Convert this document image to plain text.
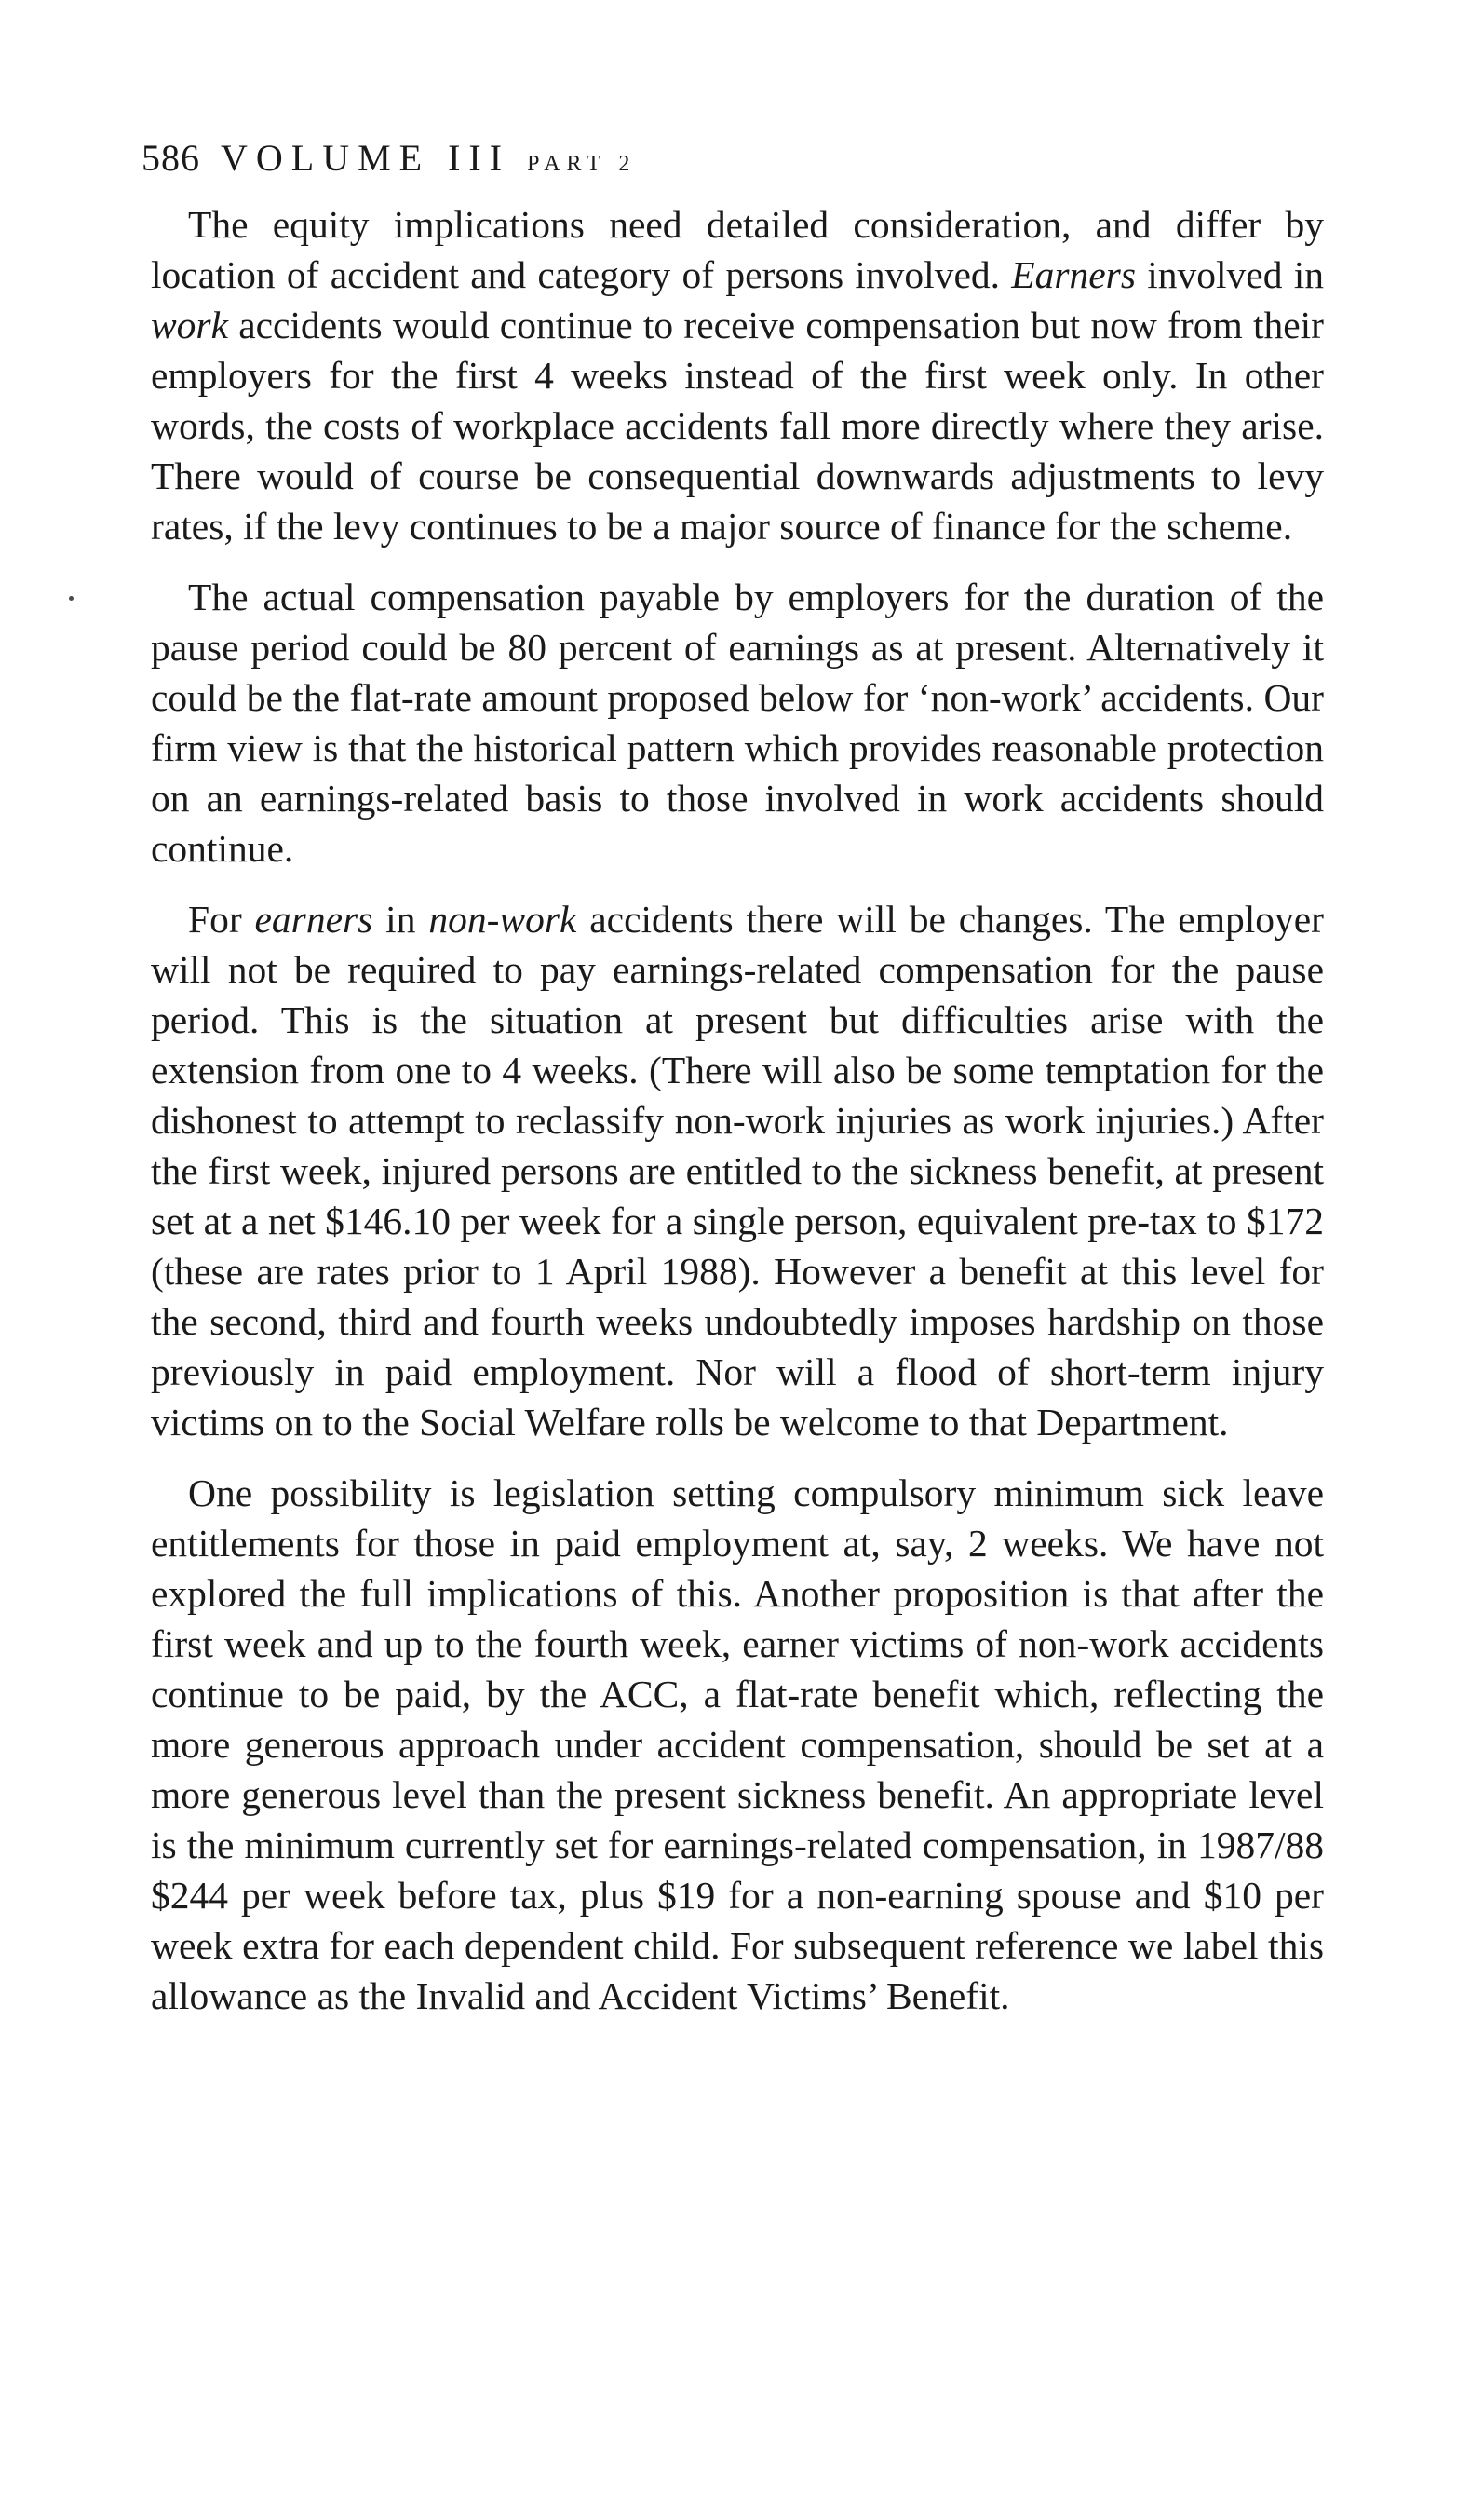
586 VOLUME III PART 2

The equity implications need detailed consideration, and differ by location of accident and category of persons involved. Earners involved in work accidents would continue to receive compensation but now from their employers for the first 4 weeks instead of the first week only. In other words, the costs of workplace accidents fall more directly where they arise. There would of course be consequential downwards adjustments to levy rates, if the levy continues to be a major source of finance for the scheme.

The actual compensation payable by employers for the duration of the pause period could be 80 percent of earnings as at present. Alternatively it could be the flat-rate amount proposed below for ‘non-work’ accidents. Our firm view is that the historical pattern which provides reasonable protection on an earnings-related basis to those involved in work accidents should continue.

For earners in non-work accidents there will be changes. The employer will not be required to pay earnings-related compensation for the pause period. This is the situation at present but difficulties arise with the extension from one to 4 weeks. (There will also be some temptation for the dishonest to attempt to reclassify non-work injuries as work injuries.) After the first week, injured persons are entitled to the sickness benefit, at present set at a net $146.10 per week for a single person, equivalent pre-tax to $172 (these are rates prior to 1 April 1988). However a benefit at this level for the second, third and fourth weeks undoubtedly imposes hardship on those previously in paid employment. Nor will a flood of short-term injury victims on to the Social Welfare rolls be welcome to that Department.

One possibility is legislation setting compulsory minimum sick leave entitlements for those in paid employment at, say, 2 weeks. We have not explored the full implications of this. Another proposition is that after the first week and up to the fourth week, earner victims of non-work accidents continue to be paid, by the ACC, a flat-rate benefit which, reflecting the more generous approach under accident compensation, should be set at a more generous level than the present sickness benefit. An appropriate level is the minimum currently set for earnings-related compensation, in 1987/88 $244 per week before tax, plus $19 for a non-earning spouse and $10 per week extra for each dependent child. For subsequent reference we label this allowance as the Invalid and Accident Victims’ Benefit.
